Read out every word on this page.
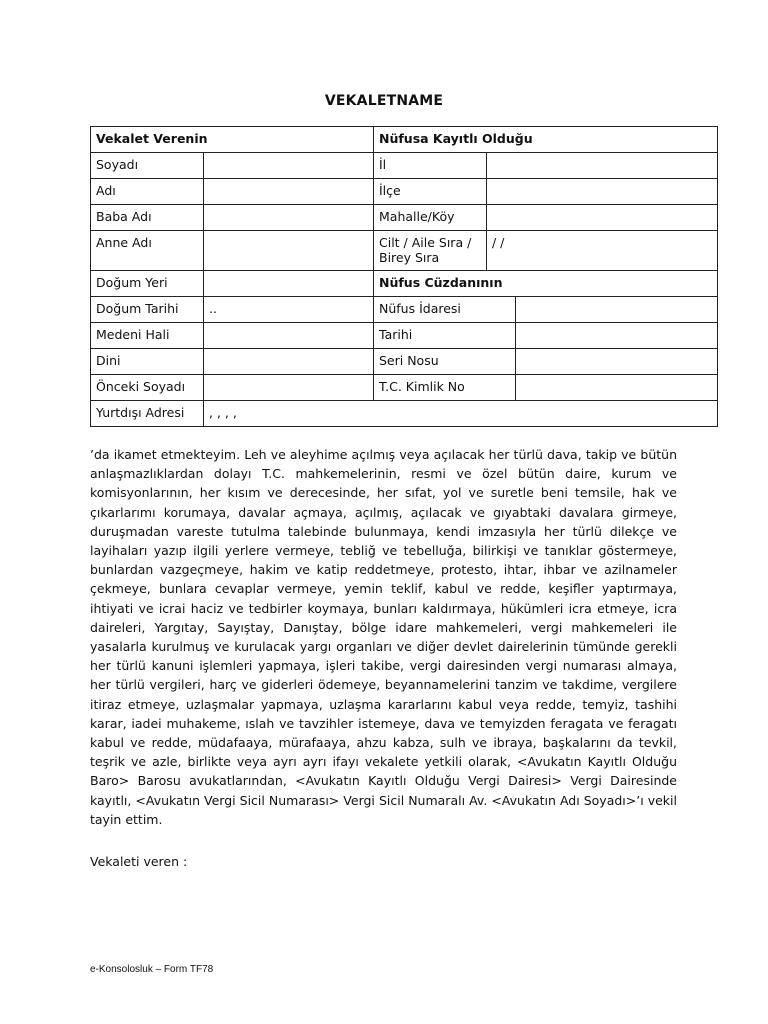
VEKALETNAME
Vekalet Verenin		Nüfusa Kayıtlı Olduğu		
Soyadı		İl		
Adı		İlçe		
Baba Adı		Mahalle/Köy		
Anne Adı		Cilt / Aile Sıra / Birey Sıra	/ /	
Doğum Yeri		Nüfus Cüzdanının		
Doğum Tarihi	..	Nüfus İdaresi		
Medeni Hali		Tarihi		
Dini		Seri Nosu		
Önceki Soyadı		T.C. Kimlik No		
Yurtdışı Adresi	, , , ,			
’da ikamet etmekteyim. Leh ve aleyhime açılmış veya açılacak her türlü dava, takip ve bütün anlaşmazlıklardan dolayı T.C. mahkemelerinin, resmi ve özel bütün daire, kurum ve komisyonlarının, her kısım ve derecesinde, her sıfat, yol ve suretle beni temsile, hak ve çıkarlarımı korumaya, davalar açmaya, açılmış, açılacak ve gıyabtaki davalara girmeye, duruşmadan vareste tutulma talebinde bulunmaya, kendi imzasıyla her türlü dilekçe ve layihaları yazıp ilgili yerlere vermeye, tebliğ ve tebelluğa, bilirkişi ve tanıklar göstermeye, bunlardan vazgeçmeye, hakim ve katip reddetmeye, protesto, ihtar, ihbar ve azilnameler çekmeye, bunlara cevaplar vermeye, yemin teklif, kabul ve redde, keşifler yaptırmaya, ihtiyati ve icrai haciz ve tedbirler koymaya, bunları kaldırmaya, hükümleri icra etmeye, icra daireleri, Yargıtay, Sayıştay, Danıştay, bölge idare mahkemeleri, vergi mahkemeleri ile yasalarla kurulmuş ve kurulacak yargı organları ve diğer devlet dairelerinin tümünde gerekli her türlü kanuni işlemleri yapmaya, işleri takibe, vergi dairesinden vergi numarası almaya, her türlü vergileri, harç ve giderleri ödemeye, beyannamelerini tanzim ve takdime, vergilere itiraz etmeye, uzlaşmalar yapmaya, uzlaşma kararlarını kabul veya redde, temyiz, tashihi karar, iadei muhakeme, ıslah ve tavzihler istemeye, dava ve temyizden feragata ve feragatı kabul ve redde, müdafaaya, mürafaaya, ahzu kabza, sulh ve ibraya, başkalarını da tevkil, teşrik ve azle, birlikte veya ayrı ayrı ifayı vekalete yetkili olarak, <Avukatın Kayıtlı Olduğu Baro> Barosu avukatlarından, <Avukatın Kayıtlı Olduğu Vergi Dairesi> Vergi Dairesinde kayıtlı, <Avukatın Vergi Sicil Numarası> Vergi Sicil Numaralı Av. <Avukatın Adı Soyadı>’ı vekil tayin ettim.
Vekaleti veren :
e-Konsolosluk – Form TF78
